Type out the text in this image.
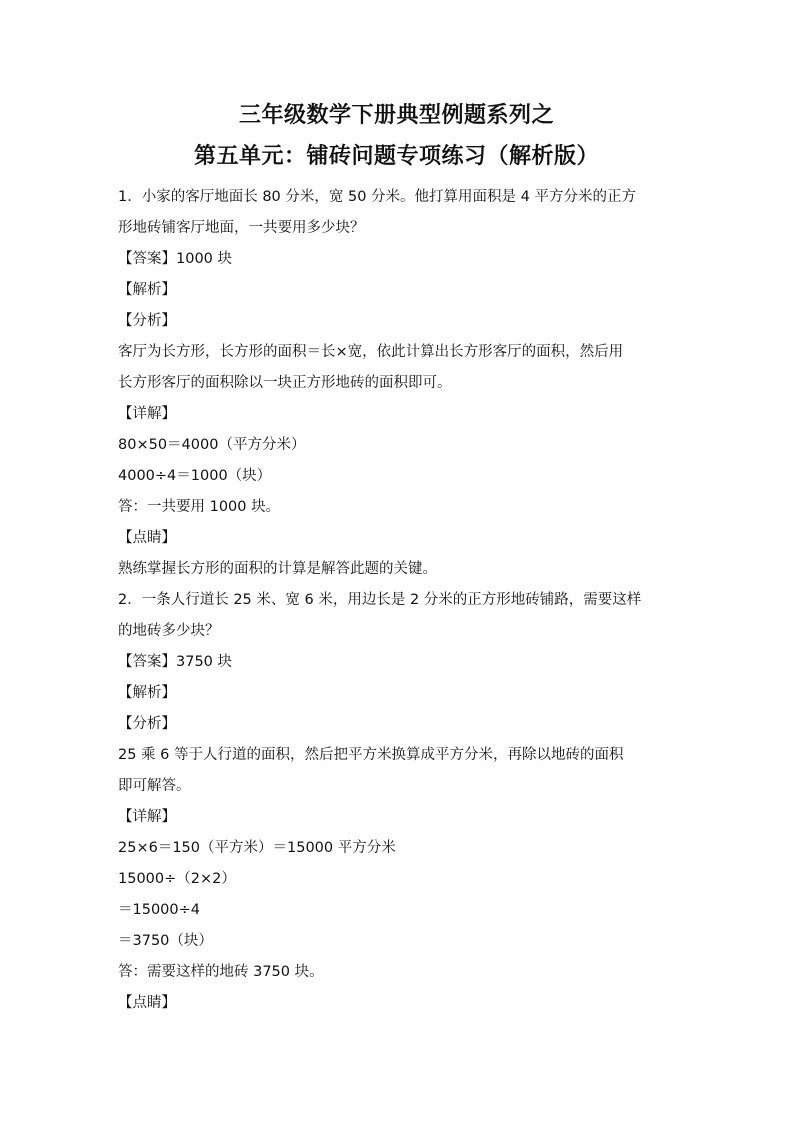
三年级数学下册典型例题系列之
第五单元：铺砖问题专项练习（解析版）
1．小家的客厅地面长 80 分米，宽 50 分米。他打算用面积是 4 平方分米的正方
形地砖铺客厅地面，一共要用多少块？
【答案】1000 块
【解析】
【分析】
客厅为长方形，长方形的面积＝长×宽，依此计算出长方形客厅的面积，然后用
长方形客厅的面积除以一块正方形地砖的面积即可。
【详解】
80×50＝4000（平方分米）
4000÷4＝1000（块）
答：一共要用 1000 块。
【点睛】
熟练掌握长方形的面积的计算是解答此题的关键。
2．一条人行道长 25 米、宽 6 米，用边长是 2 分米的正方形地砖铺路，需要这样
的地砖多少块？
【答案】3750 块
【解析】
【分析】
25 乘 6 等于人行道的面积，然后把平方米换算成平方分米，再除以地砖的面积
即可解答。
【详解】
25×6＝150（平方米）＝15000 平方分米
15000÷（2×2）
＝15000÷4
＝3750（块）
答：需要这样的地砖 3750 块。
【点睛】
